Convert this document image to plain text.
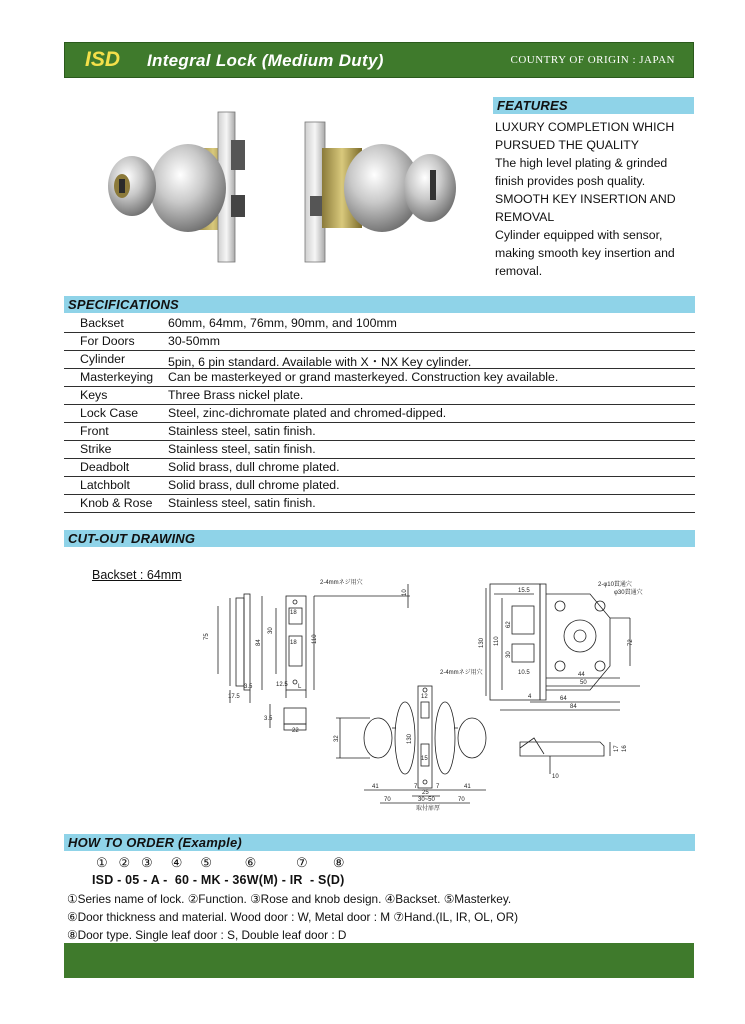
ISD Integral Lock (Medium Duty)	COUNTRY OF ORIGIN : JAPAN
FEATURES
LUXURY COMPLETION WHICH
PURSUED THE QUALITY
The high level plating & grinded
finish provides posh quality.
SMOOTH KEY INSERTION AND
REMOVAL
Cylinder equipped with sensor,
making smooth key insertion and
removal.
SPECIFICATIONS
Backset	60mm, 64mm, 76mm, 90mm, and 100mm
For Doors	30-50mm
Cylinder	5pin, 6 pin standard. Available with X・NX Key cylinder.
Masterkeying Can be masterkeyed or grand masterkeyed. Construction key available.
Keys	Three Brass nickel plate.
Lock Case Steel, zinc-dichromate plated and chromed-dipped.
Front	Stainless steel, satin finish.
Strike	Stainless steel, satin finish.
Deadbolt	Solid brass, dull chrome plated.
Latchbolt	Solid brass, dull chrome plated.
Knob & Rose Stainless steel, satin finish.
CUT-OUT DRAWING
Backset : 64mm
75
84	110
18
30
18
3.5
17.5
12.5 L
22
3.5
2-4mmネジ用穴
10	15.5
130 110
62
30
10.5	44
50
72
4	64
84
2-φ10貫通穴
φ30貫通穴
2-4mmネジ用穴
12
15
130
32
41	7
25
7	41
70	30~50	70
取付扉厚
17 16
10
HOW TO ORDER (Example)
①   ②   ③     ④     ⑤         ⑥           ⑦       ⑧
ISD - 05 - A -  60 - MK - 36W(M) - IR  - S(D)
①Series name of lock. ②Function. ③Rose and knob design. ④Backset. ⑤Masterkey.
⑥Door thickness and material. Wood door : W, Metal door : M ⑦Hand.(IL, IR, OL, OR)
⑧Door type. Single leaf door : S, Double leaf door : D
